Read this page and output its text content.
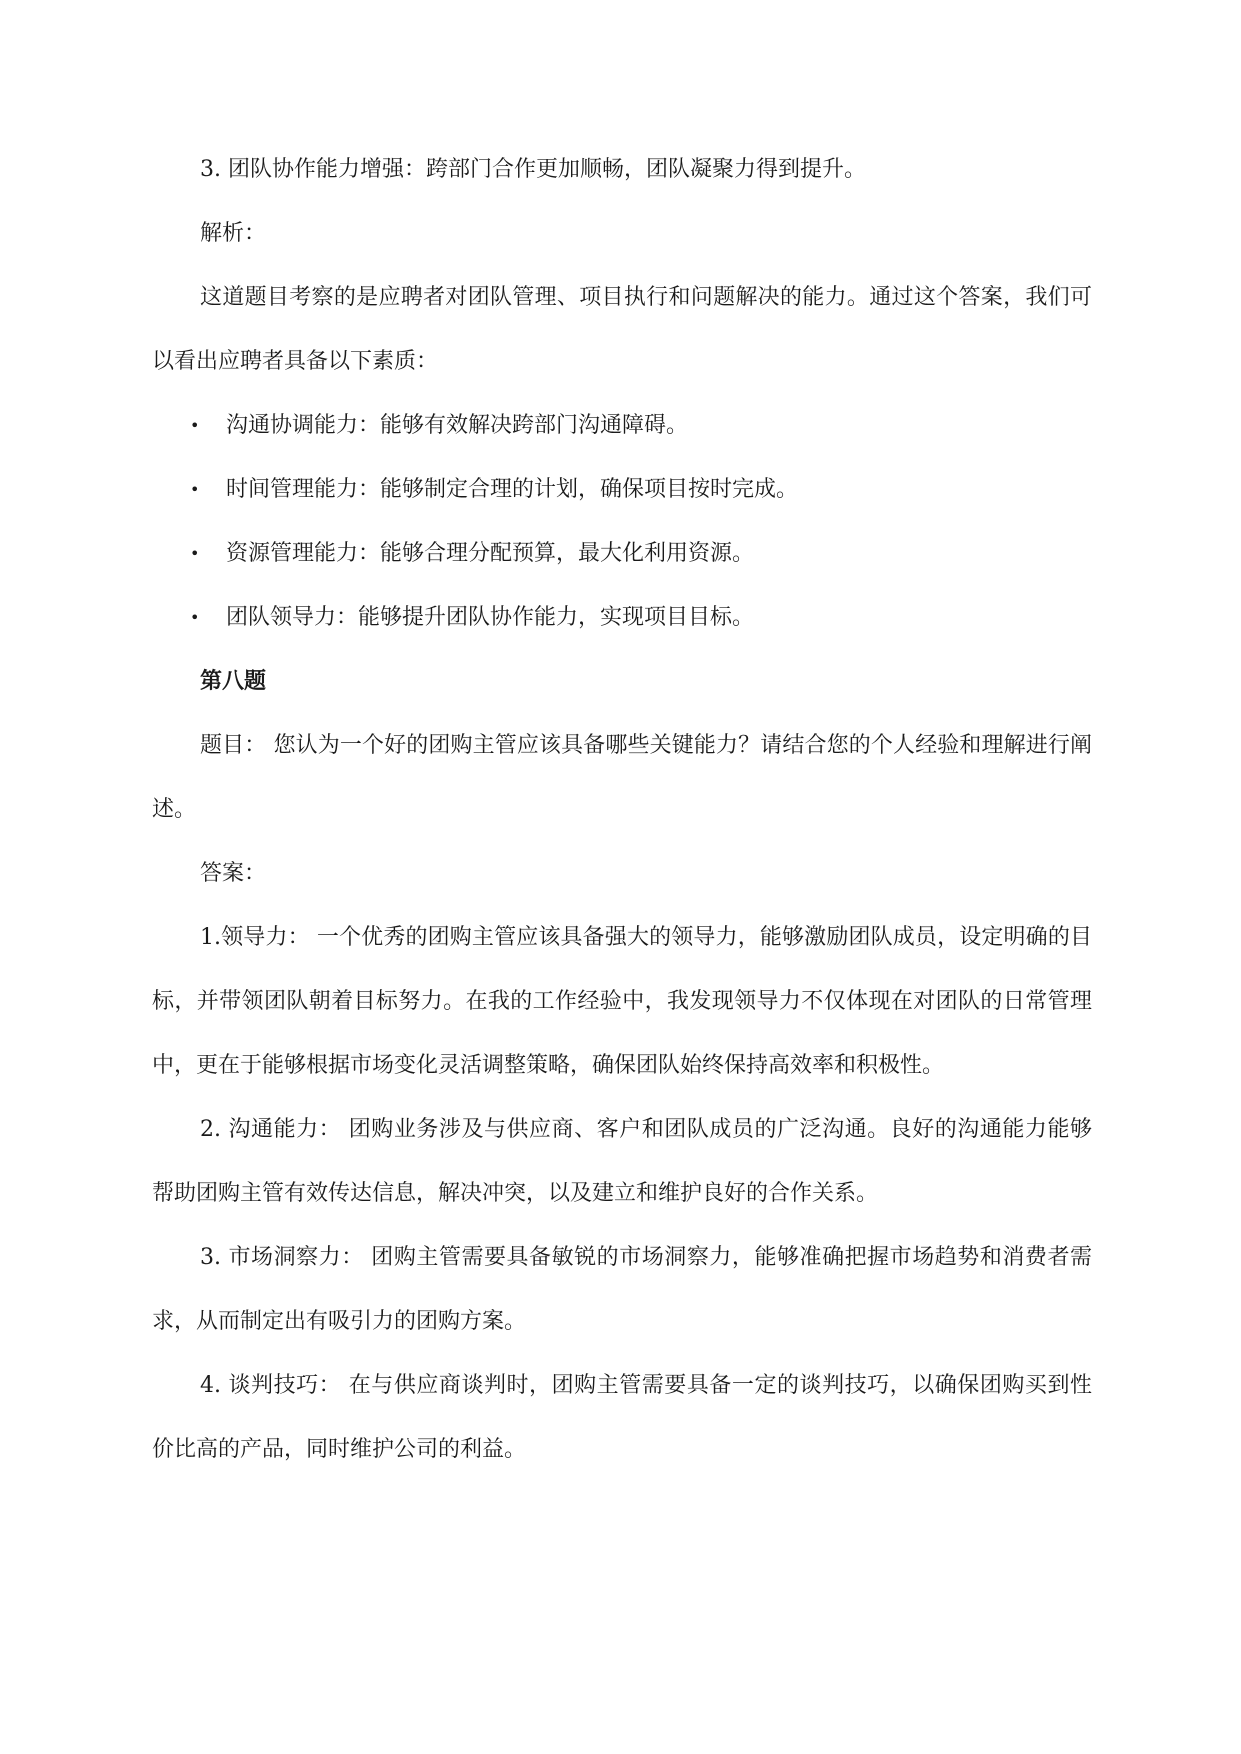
3. 团队协作能力增强：跨部门合作更加顺畅，团队凝聚力得到提升。

解析：

这道题目考察的是应聘者对团队管理、项目执行和问题解决的能力。通过这个答案，我们可以看出应聘者具备以下素质：

• 沟通协调能力：能够有效解决跨部门沟通障碍。
• 时间管理能力：能够制定合理的计划，确保项目按时完成。
• 资源管理能力：能够合理分配预算，最大化利用资源。
• 团队领导力：能够提升团队协作能力，实现项目目标。

第八题

题目： 您认为一个好的团购主管应该具备哪些关键能力？请结合您的个人经验和理解进行阐述。

答案：

1.领导力： 一个优秀的团购主管应该具备强大的领导力，能够激励团队成员，设定明确的目标，并带领团队朝着目标努力。在我的工作经验中，我发现领导力不仅体现在对团队的日常管理中，更在于能够根据市场变化灵活调整策略，确保团队始终保持高效率和积极性。

2. 沟通能力： 团购业务涉及与供应商、客户和团队成员的广泛沟通。良好的沟通能力能够帮助团购主管有效传达信息，解决冲突，以及建立和维护良好的合作关系。

3. 市场洞察力： 团购主管需要具备敏锐的市场洞察力，能够准确把握市场趋势和消费者需求，从而制定出有吸引力的团购方案。

4. 谈判技巧： 在与供应商谈判时，团购主管需要具备一定的谈判技巧，以确保团购买到性价比高的产品，同时维护公司的利益。
